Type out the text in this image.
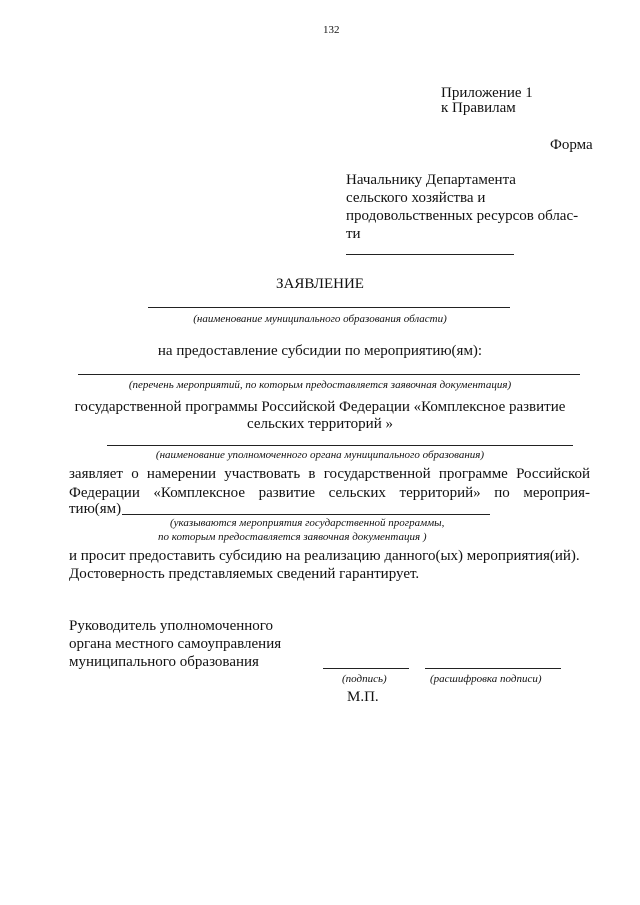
132
Приложение 1
к Правилам
Форма
Начальнику Департамента
сельского хозяйства и
продовольственных ресурсов облас-
ти
ЗАЯВЛЕНИЕ
(наименование муниципального образования области)
на предоставление субсидии по мероприятию(ям):
(перечень мероприятий, по которым предоставляется заявочная документация)
государственной программы Российской Федерации «Комплексное развитие
сельских территорий »
(наименование уполномоченного органа муниципального образования)
заявляет о намерении участвовать в государственной программе Российской
Федерации «Комплексное развитие сельских территорий» по мероприя-
тию(ям)
(указываются мероприятия государственной программы,
по которым предоставляется заявочная документация )
и просит предоставить субсидию на реализацию данного(ых) мероприятия(ий).
Достоверность представляемых сведений гарантирует.
Руководитель уполномоченного
органа местного самоуправления
муниципального образования
(подпись)	(расшифровка подписи)
М.П.
